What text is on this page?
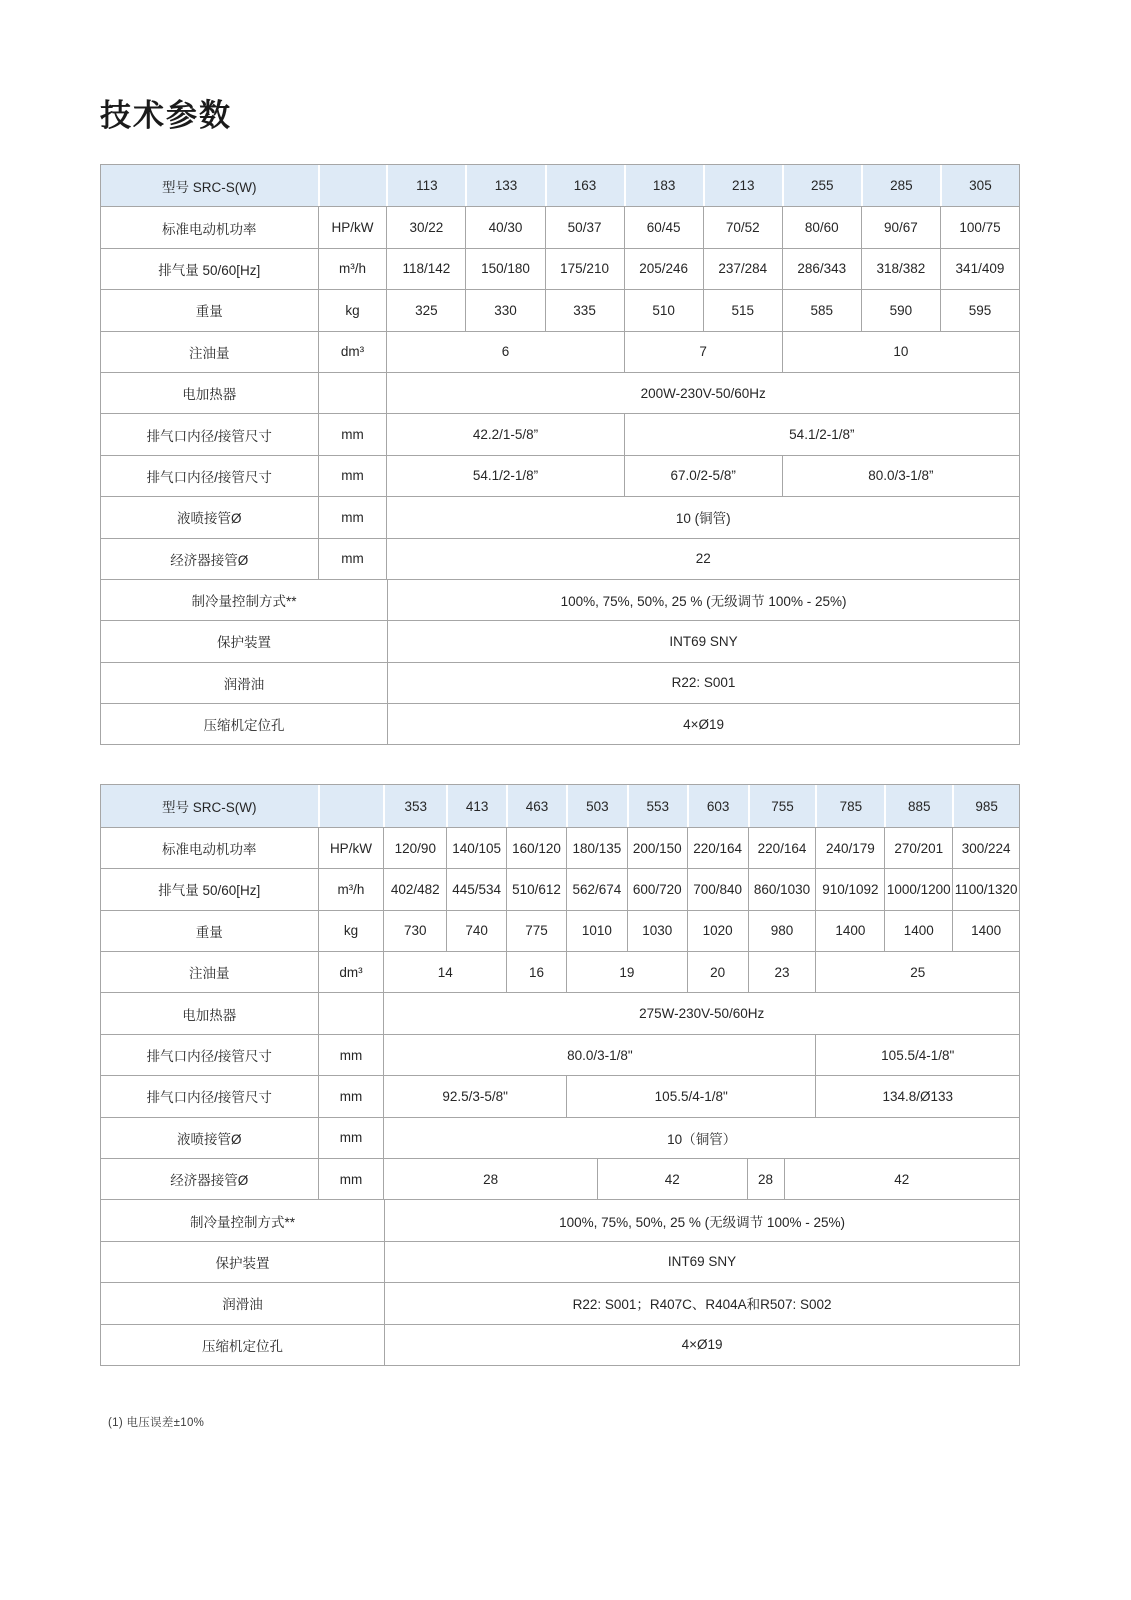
技术参数
型号 SRC-S(W)	113	133	163	183	213	255	285	305
标准电动机功率	HP/kW	30/22	40/30	50/37	60/45	70/52	80/60	90/67	100/75
排气量 50/60[Hz]	m³/h	118/142	150/180	175/210	205/246	237/284	286/343	318/382	341/409
重量	kg	325	330	335	510	515	585	590	595
注油量	dm³	6	7	10
电加热器	200W-230V-50/60Hz
排气口内径/接管尺寸	mm	42.2/1-5/8”	54.1/2-1/8”
排气口内径/接管尺寸	mm	54.1/2-1/8”	67.0/2-5/8”	80.0/3-1/8”
液喷接管Ø	mm	10 (铜管)
经济器接管Ø	mm	22
制冷量控制方式**	100%, 75%, 50%, 25 % (无级调节 100% - 25%)
保护装置	INT69 SNY
润滑油	R22: S001
压缩机定位孔	4×Ø19
型号 SRC-S(W)	353	413	463	503	553	603	755	785	885	985
标准电动机功率	HP/kW	120/90	140/105 160/120 180/135 200/150 220/164	220/164	240/179	270/201	300/224
排气量 50/60[Hz]	m³/h	402/482 445/534 510/612 562/674 600/720 700/840 860/1030 910/1092 1000/1200 1100/1320
重量	kg	730	740	775	1010	1030	1020	980	1400	1400	1400
注油量	dm³	14	16	19	20	23	25
电加热器	275W-230V-50/60Hz
排气口内径/接管尺寸	mm	80.0/3-1/8"	105.5/4-1/8"
排气口内径/接管尺寸	mm	92.5/3-5/8"	105.5/4-1/8"	134.8/Ø133
液喷接管Ø	mm	10（铜管）
经济器接管Ø	mm	28	42	28	42
制冷量控制方式**	100%, 75%, 50%, 25 % (无级调节 100% - 25%)
保护装置	INT69 SNY
润滑油	R22: S001；R407C、R404A和R507: S002
压缩机定位孔	4×Ø19
(1) 电压误差±10%
